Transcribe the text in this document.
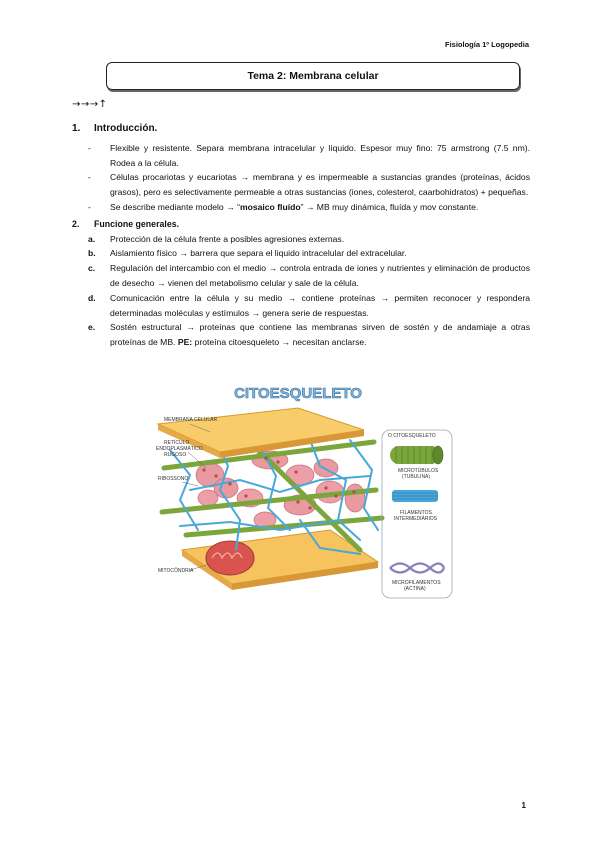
Fisiología 1º Logopedia
Tema 2: Membrana celular
→→→↑
1.	Introducción.
-	Flexible y resistente. Separa membrana intracelular y líquido. Espesor muy fino: 75 armstrong (7.5 nm). Rodea a la célula.
-	Células procariotas y eucariotas → membrana y es impermeable a sustancias grandes (proteínas, ácidos grasos), pero es selectivamente permeable a otras sustancias (iones, colesterol, caarbohidratos) + pequeñas.
-	Se describe mediante modelo → “mosaico fluído” → MB muy dinámica, fluída y mov constante.
2.	Funcione generales.
a.	Protección de la célula frente a posibles agresiones externas.
b.	Aislamiento físico → barrera que separa el liquido intracelular del extracelular.
c.	Regulación del intercambio con el medio → controla entrada de iones y nutrientes y eliminación de productos de desecho → vienen del metabolismo celular y sale de la célula.
d.	Comunicación entre la célula y su medio → contiene proteínas → permiten reconocer y respondera determinadas moléculas y estímulos → genera serie de respuestas.
e.	Sostén estructural → proteínas que contiene las membranas sirven de sostén y de andamiaje a otras proteínas de MB. PE: proteína citoesqueleto → necesitan anclarse.
CITOESQUELETO
MEMBRANA CELULAR
RETÍCULO
ENDOPLASMÁTICO
RUGOSO
RIBOSSONO
MITOCÔNDRIA
O CITOESQUELETO
MICROTÚBULOS
(TUBULINA)
FILAMENTOS
INTERMEDIÁRIOS
MICROFILAMENTOS
(ACTINA)
1
